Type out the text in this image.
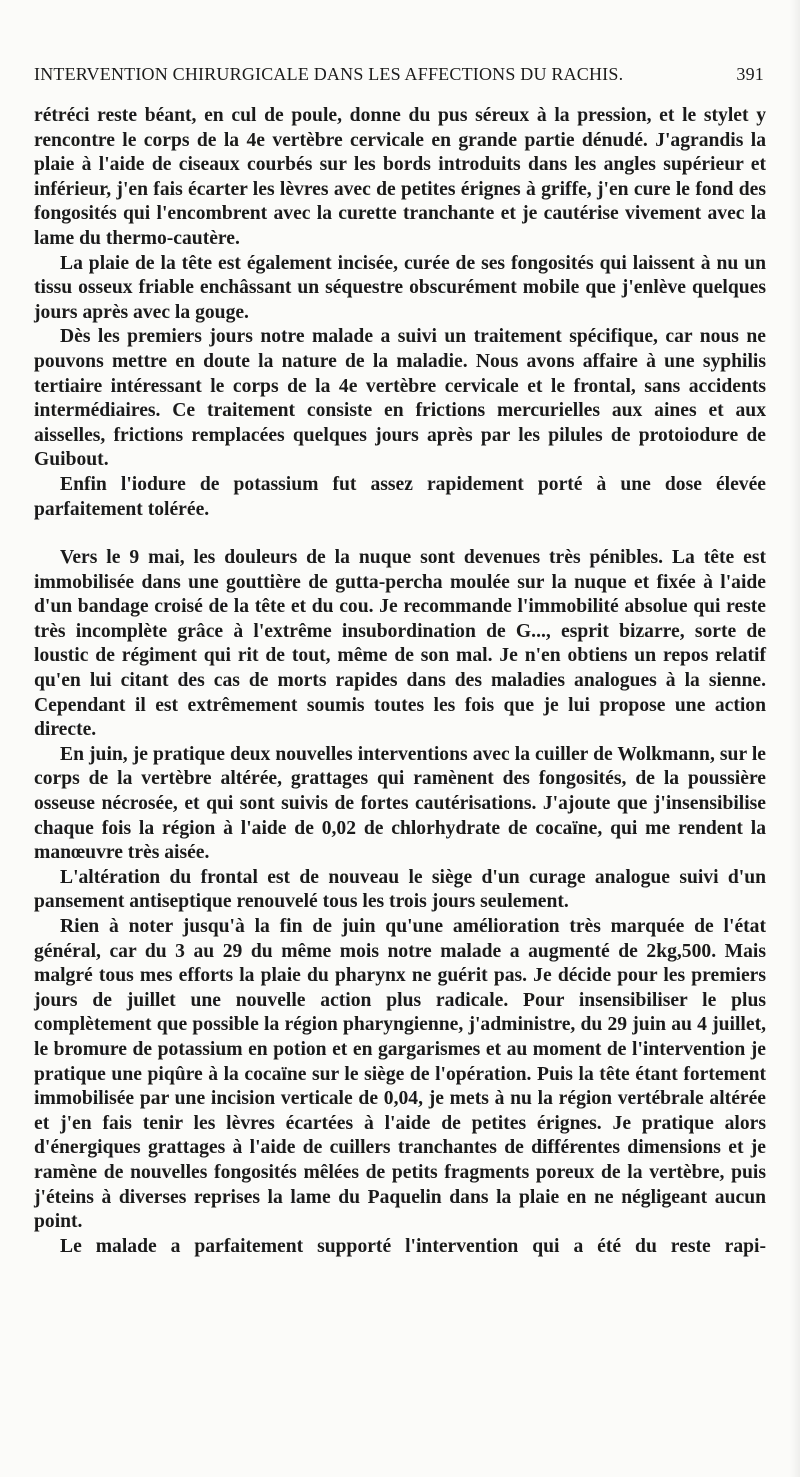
INTERVENTION CHIRURGICALE DANS LES AFFECTIONS DU RACHIS.	391

rétréci reste béant, en cul de poule, donne du pus séreux à la pression, et le stylet y rencontre le corps de la 4e vertèbre cervicale en grande partie dénudé. J'agrandis la plaie à l'aide de ciseaux courbés sur les bords introduits dans les angles supérieur et inférieur, j'en fais écarter les lèvres avec de petites érignes à griffe, j'en cure le fond des fongosités qui l'encombrent avec la curette tranchante et je cautérise vivement avec la lame du thermo-cautère.

La plaie de la tête est également incisée, curée de ses fongosités qui laissent à nu un tissu osseux friable enchâssant un séquestre obscurément mobile que j'enlève quelques jours après avec la gouge.

Dès les premiers jours notre malade a suivi un traitement spécifique, car nous ne pouvons mettre en doute la nature de la maladie. Nous avons affaire à une syphilis tertiaire intéressant le corps de la 4e vertèbre cervicale et le frontal, sans accidents intermédiaires. Ce traitement consiste en frictions mercurielles aux aines et aux aisselles, frictions remplacées quelques jours après par les pilules de protoiodure de Guibout.

Enfin l'iodure de potassium fut assez rapidement porté à une dose élevée parfaitement tolérée.

Vers le 9 mai, les douleurs de la nuque sont devenues très pénibles. La tête est immobilisée dans une gouttière de gutta-percha moulée sur la nuque et fixée à l'aide d'un bandage croisé de la tête et du cou. Je recommande l'immobilité absolue qui reste très incomplète grâce à l'extrême insubordination de G..., esprit bizarre, sorte de loustic de régiment qui rit de tout, même de son mal. Je n'en obtiens un repos relatif qu'en lui citant des cas de morts rapides dans des maladies analogues à la sienne. Cependant il est extrêmement soumis toutes les fois que je lui propose une action directe.

En juin, je pratique deux nouvelles interventions avec la cuiller de Wolkmann, sur le corps de la vertèbre altérée, grattages qui ramènent des fongosités, de la poussière osseuse nécrosée, et qui sont suivis de fortes cautérisations. J'ajoute que j'insensibilise chaque fois la région à l'aide de 0,02 de chlorhydrate de cocaïne, qui me rendent la manœuvre très aisée.

L'altération du frontal est de nouveau le siège d'un curage analogue suivi d'un pansement antiseptique renouvelé tous les trois jours seulement.

Rien à noter jusqu'à la fin de juin qu'une amélioration très marquée de l'état général, car du 3 au 29 du même mois notre malade a augmenté de 2kg,500. Mais malgré tous mes efforts la plaie du pharynx ne guérit pas. Je décide pour les premiers jours de juillet une nouvelle action plus radicale. Pour insensibiliser le plus complètement que possible la région pharyngienne, j'administre, du 29 juin au 4 juillet, le bromure de potassium en potion et en gargarismes et au moment de l'intervention je pratique une piqûre à la cocaïne sur le siège de l'opération. Puis la tête étant fortement immobilisée par une incision verticale de 0,04, je mets à nu la région vertébrale altérée et j'en fais tenir les lèvres écartées à l'aide de petites érignes. Je pratique alors d'énergiques grattages à l'aide de cuillers tranchantes de différentes dimensions et je ramène de nouvelles fongosités mêlées de petits fragments poreux de la vertèbre, puis j'éteins à diverses reprises la lame du Paquelin dans la plaie en ne négligeant aucun point.

Le malade a parfaitement supporté l'intervention qui a été du reste rapi-
